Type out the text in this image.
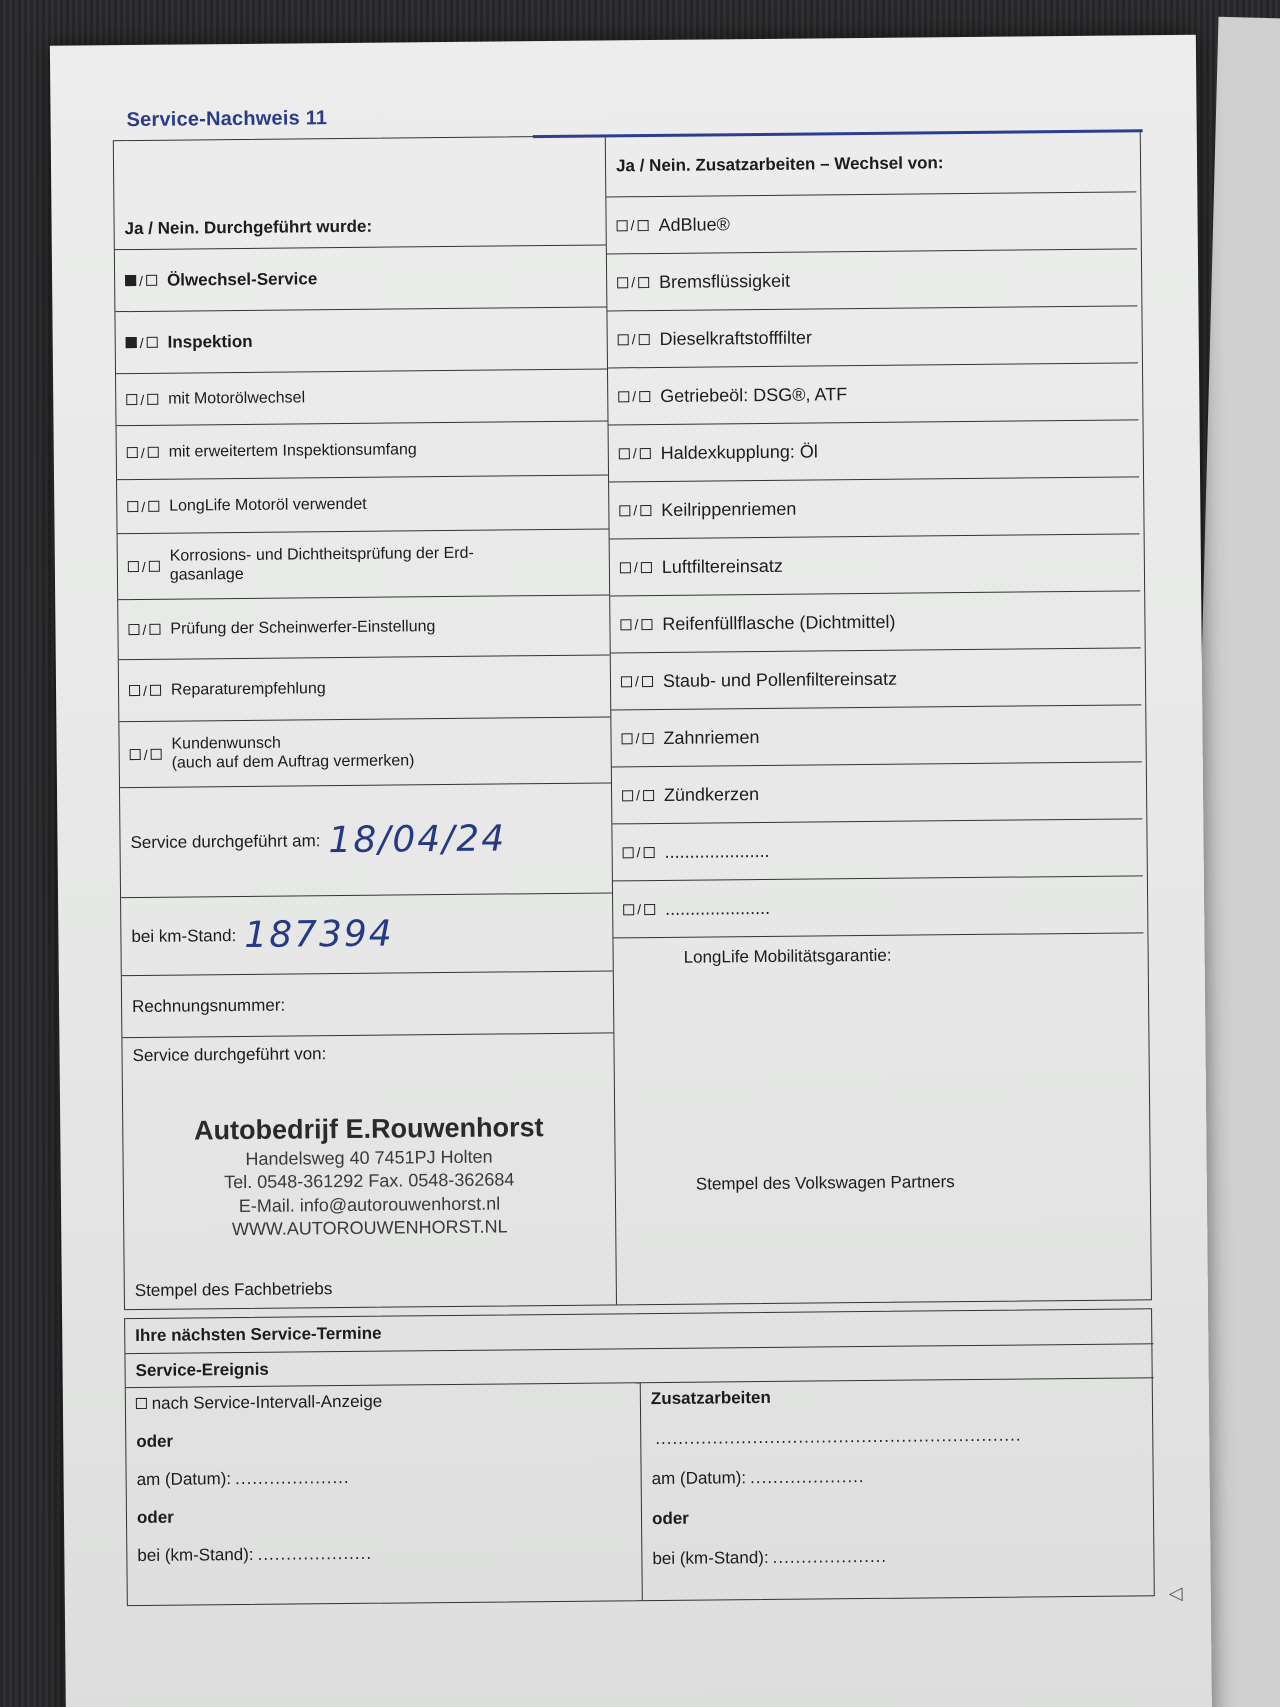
Service-Nachweis 11
Ja / Nein. Durchgeführt wurde:
/ Ölwechsel-Service
/ Inspektion
/ mit Motorölwechsel
/ mit erweitertem Inspektionsumfang
/ LongLife Motoröl verwendet
/
Korrosions- und Dichtheitsprüfung der Erd-
gasanlage
/ Prüfung der Scheinwerfer-Einstellung
/ Reparaturempfehlung
/
Kundenwunsch
(auch auf dem Auftrag vermerken)
Service durchgeführt am: 18/04/24
bei km-Stand: 187394
Rechnungsnummer:
Service durchgeführt von:
Autobedrijf E.Rouwenhorst
Handelsweg 40 7451PJ Holten
Tel. 0548-361292 Fax. 0548-362684
E-Mail. info@autorouwenhorst.nl
WWW.AUTOROUWENHORST.NL
Stempel des Fachbetriebs
Ja / Nein. Zusatzarbeiten – Wechsel von:
/ AdBlue®
/ Bremsflüssigkeit
/ Dieselkraftstofffilter
/ Getriebeöl: DSG®, ATF
/ Haldexkupplung: Öl
/ Keilrippenriemen
/ Luftfiltereinsatz
/ Reifenfüllflasche (Dichtmittel)
/ Staub- und Pollenfiltereinsatz
/ Zahnriemen
/ Zündkerzen
/ .....................
/ .....................
LongLife Mobilitätsgarantie:
Stempel des Volkswagen Partners
Ihre nächsten Service-Termine
Service-Ereignis
nach Service-Intervall-Anzeige
oder
am (Datum): ....................
oder
bei (km-Stand): ....................
Zusatzarbeiten
................................................................
am (Datum): ....................
oder
bei (km-Stand): ....................
◁
